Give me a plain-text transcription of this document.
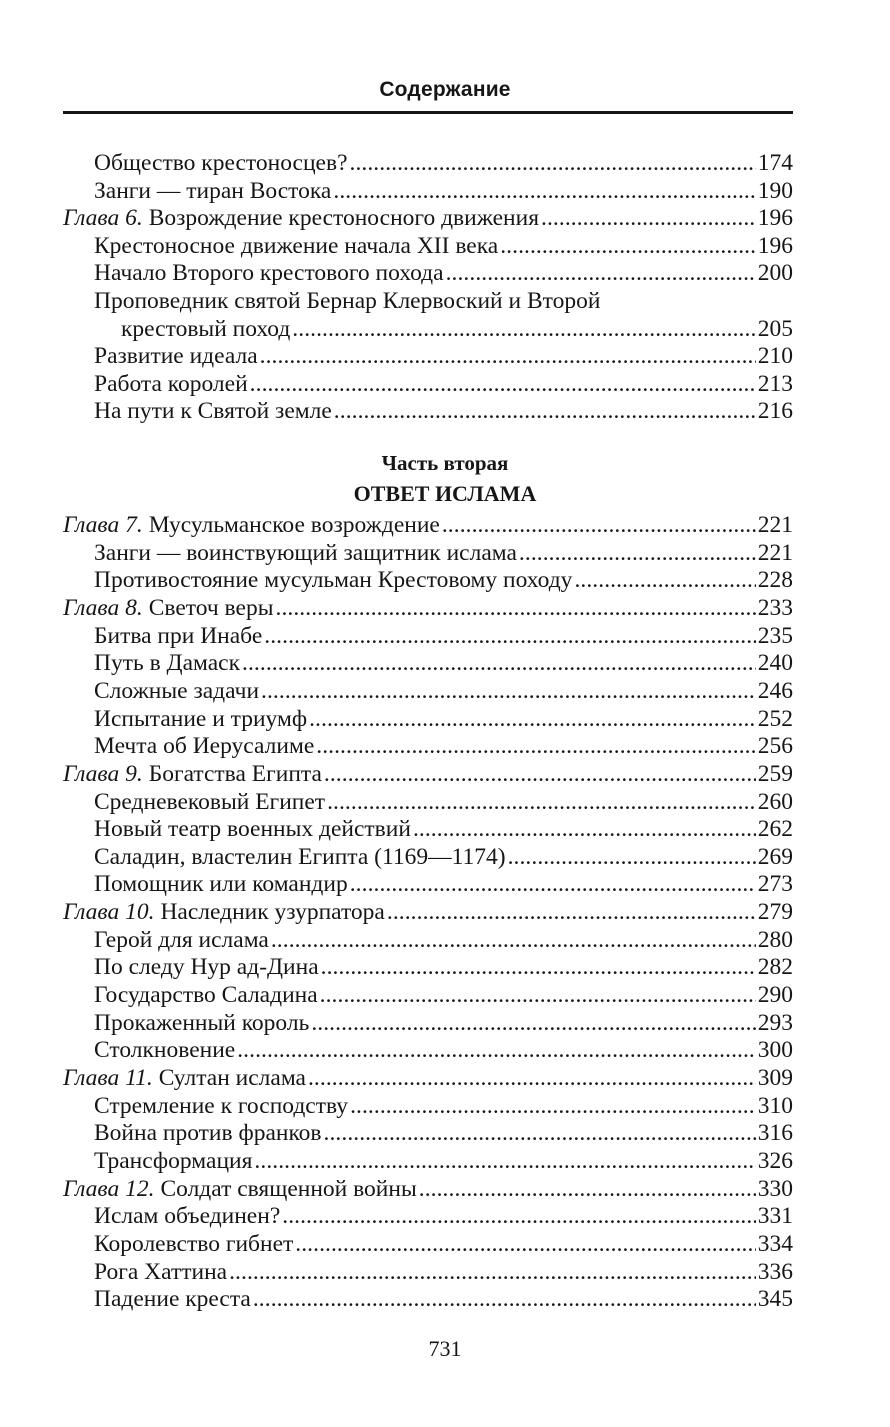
Содержание
Общество крестоносцев? . . .	174
Занги — тиран Востока . . .	190
Глава 6. Возрождение крестоносного движения . . .	196
Крестоносное движение начала XII века . . .	196
Начало Второго крестового похода . . .	200
Проповедник святой Бернар Клервоский и Второй
крестовый поход . . .	205
Развитие идеала . . .	210
Работа королей . . .	213
На пути к Святой земле . . .	216
Часть вторая
ОТВЕТ ИСЛАМА
Глава 7. Мусульманское возрождение . . .	221
Занги — воинствующий защитник ислама . . .	221
Противостояние мусульман Крестовому походу . . .	228
Глава 8. Светоч веры . . .	233
Битва при Инабе . . .	235
Путь в Дамаск . . .	240
Сложные задачи . . .	246
Испытание и триумф . . .	252
Мечта об Иерусалиме . . .	256
Глава 9. Богатства Египта . . .	259
Средневековый Египет . . .	260
Новый театр военных действий . . .	262
Саладин, властелин Египта (1169—1174) . . .	269
Помощник или командир . . .	273
Глава 10. Наследник узурпатора . . .	279
Герой для ислама . . .	280
По следу Нур ад-Дина . . .	282
Государство Саладина . . .	290
Прокаженный король . . .	293
Столкновение . . .	300
Глава 11. Султан ислама . . .	309
Стремление к господству . . .	310
Война против франков . . .	316
Трансформация . . .	326
Глава 12. Солдат священной войны . . .	330
Ислам объединен? . . .	331
Королевство гибнет . . .	334
Рога Хаттина . . .	336
Падение креста . . .	345
731
